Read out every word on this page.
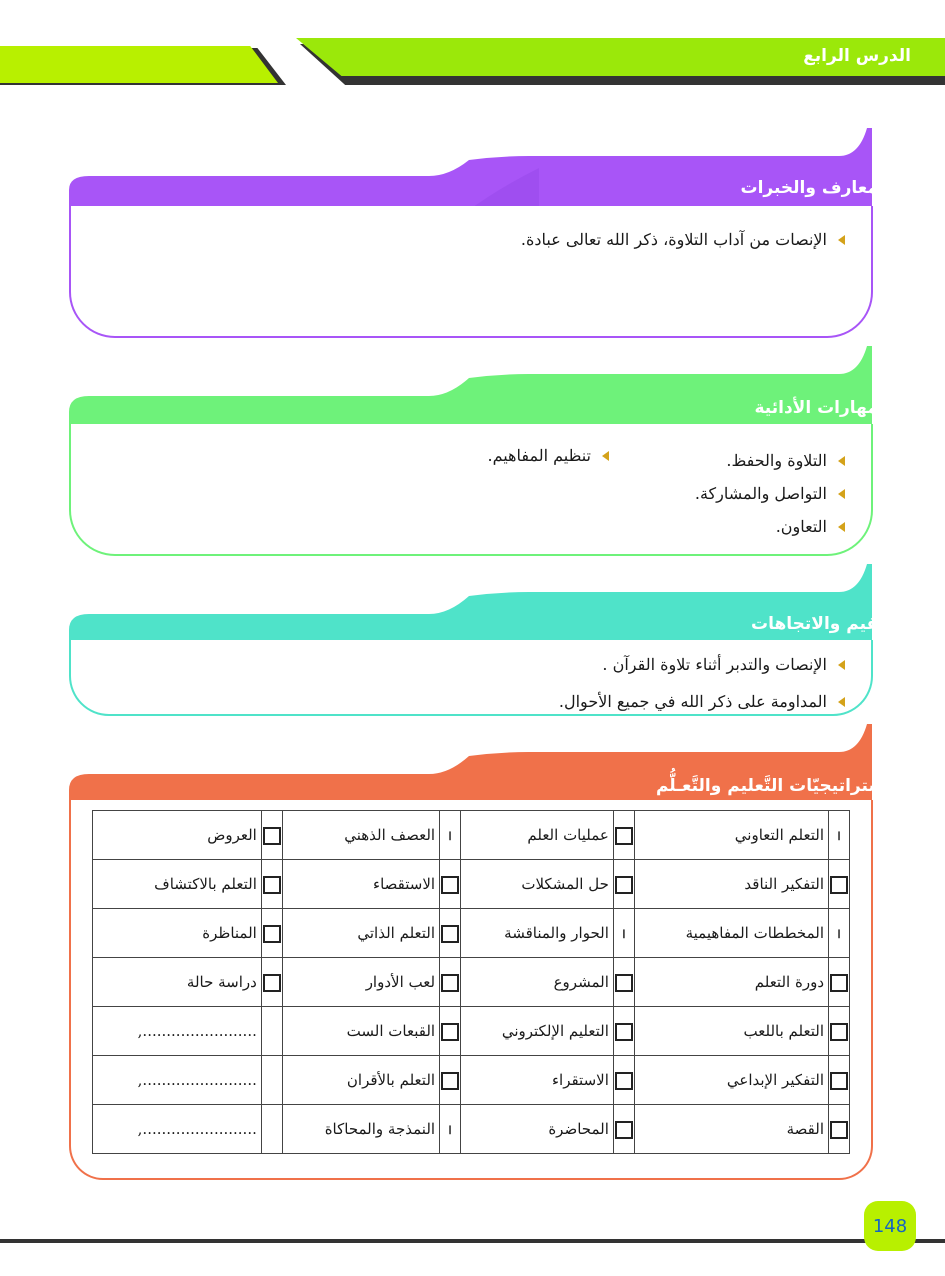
الدرس الرابع
المعارف والخبرات
الإنصات من آداب التلاوة، ذكر الله تعالى عبادة.
المهارات الأدائية
التلاوة والحفظ.
التواصل والمشاركة.
التعاون.
تنظيم المفاهيم.
القيم والاتجاهات
الإنصات والتدبر أثناء تلاوة القرآن .
المداومة على ذكر الله في جميع الأحوال.
إستراتيجيّات التَّعليم والتَّعـلُّم
ا	التعلم التعاوني		عمليات العلم	ا	العصف الذهني		العروض
	التفكير الناقد		حل المشكلات		الاستقصاء		التعلم بالاكتشاف
ا	المخططات المفاهيمية	ا	الحوار والمناقشة		التعلم الذاتي		المناظرة
	دورة التعلم		المشروع		لعب الأدوار		دراسة حالة
	التعلم باللعب		التعليم الإلكتروني		القبعات الست		........................,
	التفكير الإبداعي		الاستقراء		التعلم بالأقران		........................,
	القصة		المحاضرة	ا	النمذجة والمحاكاة		........................,
148
